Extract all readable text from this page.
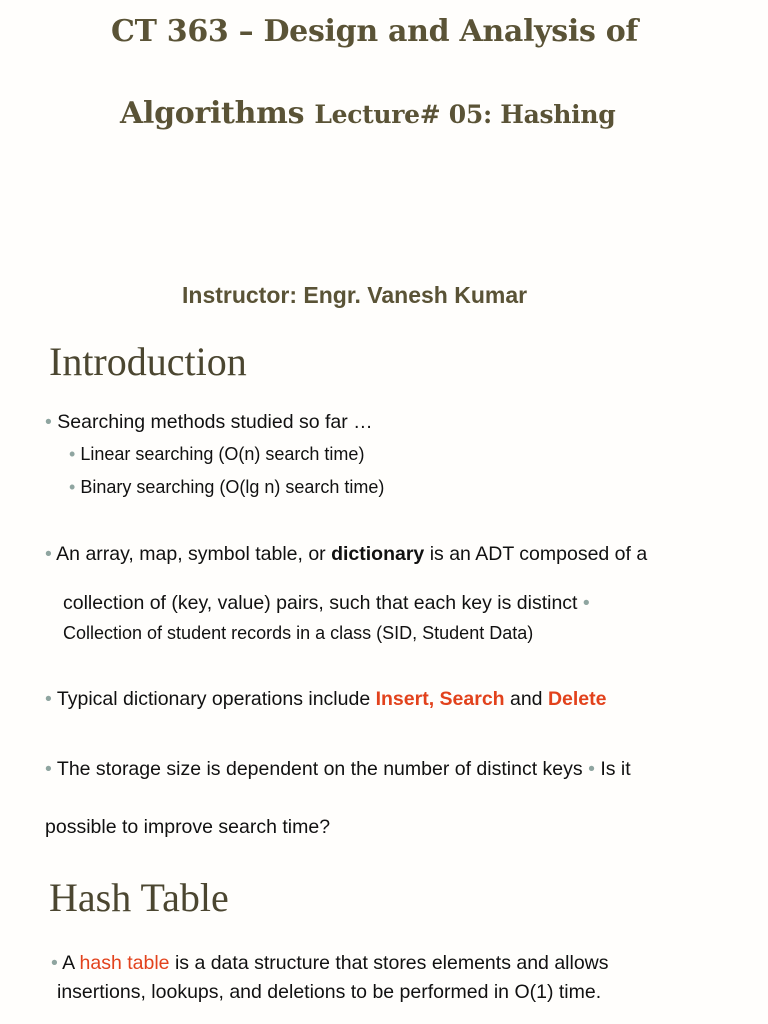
CT 363 – Design and Analysis of
Algorithms Lecture# 05: Hashing
Instructor: Engr. Vanesh Kumar
Introduction
• Searching methods studied so far …
• Linear searching (O(n) search time)
• Binary searching (O(lg n) search time)
• An array, map, symbol table, or dictionary is an ADT composed of a
collection of (key, value) pairs, such that each key is distinct •
Collection of student records in a class (SID, Student Data)
• Typical dictionary operations include Insert, Search and Delete
• The storage size is dependent on the number of distinct keys • Is it
possible to improve search time?
Hash Table
• A hash table is a data structure that stores elements and allows
insertions, lookups, and deletions to be performed in O(1) time.
